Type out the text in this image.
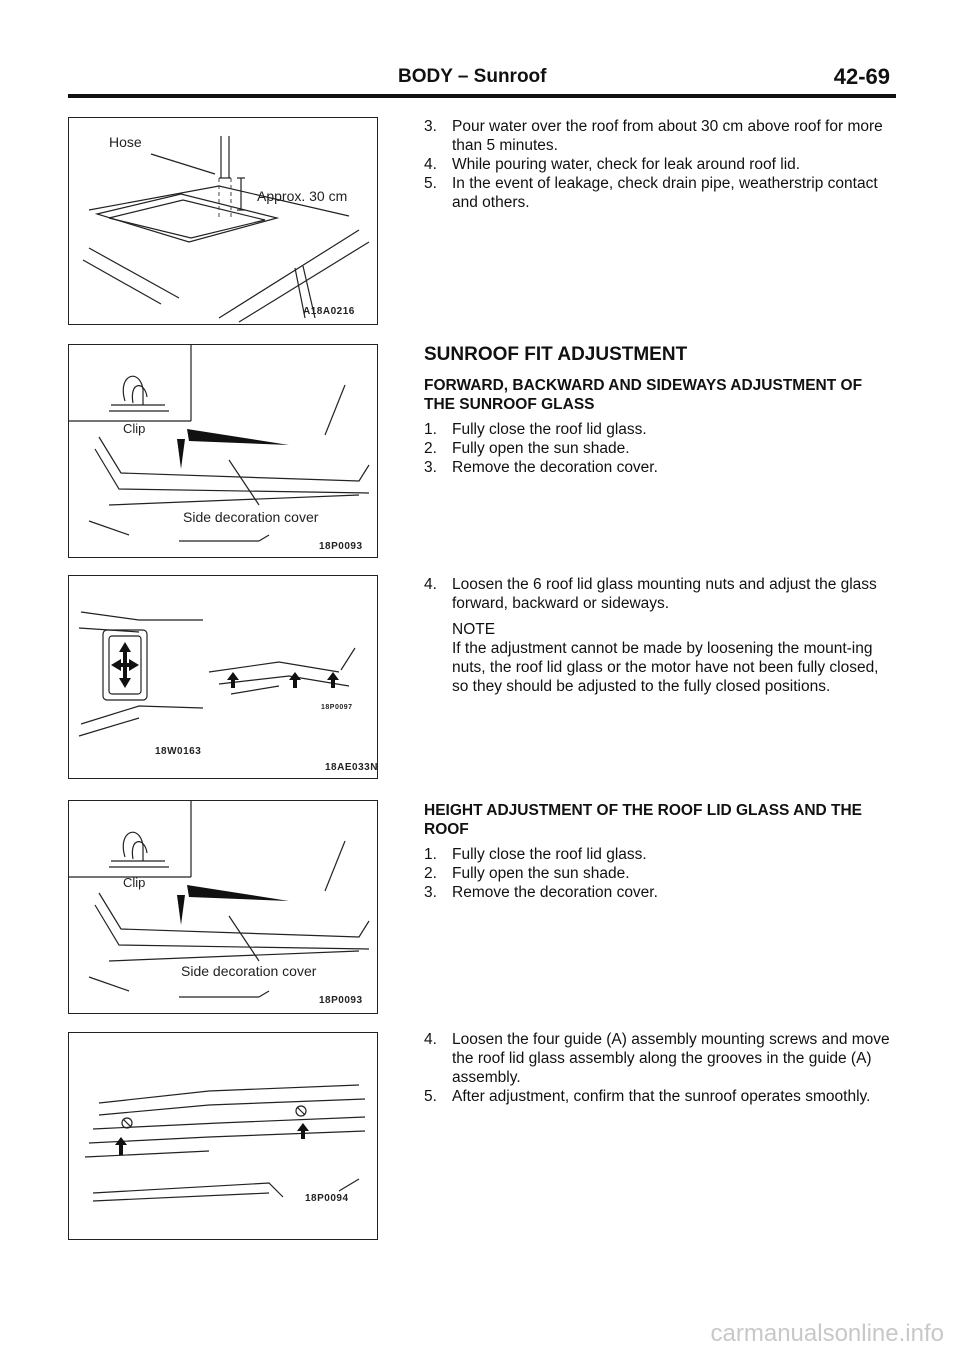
BODY – Sunroof	42-69
Hose
Approx. 30 cm
A18A0216
Clip
Side decoration cover
18P0093
18W0163
18P0097
18AE033N
Clip
Side decoration cover
18P0093
18P0094
3. Pour water over the roof from about 30 cm above roof for more than 5 minutes.
4. While pouring water, check for leak around roof lid.
5. In the event of leakage, check drain pipe, weatherstrip contact and others.
SUNROOF FIT ADJUSTMENT
FORWARD, BACKWARD AND SIDEWAYS ADJUSTMENT OF THE SUNROOF GLASS
1. Fully close the roof lid glass.
2. Fully open the sun shade.
3. Remove the decoration cover.
4. Loosen the 6 roof lid glass mounting nuts and adjust the glass forward, backward or sideways.
NOTE
If the adjustment cannot be made by loosening the mount-ing nuts, the roof lid glass or the motor have not been fully closed, so they should be adjusted to the fully closed positions.
HEIGHT ADJUSTMENT OF THE ROOF LID GLASS AND THE ROOF
1. Fully close the roof lid glass.
2. Fully open the sun shade.
3. Remove the decoration cover.
4. Loosen the four guide (A) assembly mounting screws and move the roof lid glass assembly along the grooves in the guide (A) assembly.
5. After adjustment, confirm that the sunroof operates smoothly.
carmanualsonline.info
